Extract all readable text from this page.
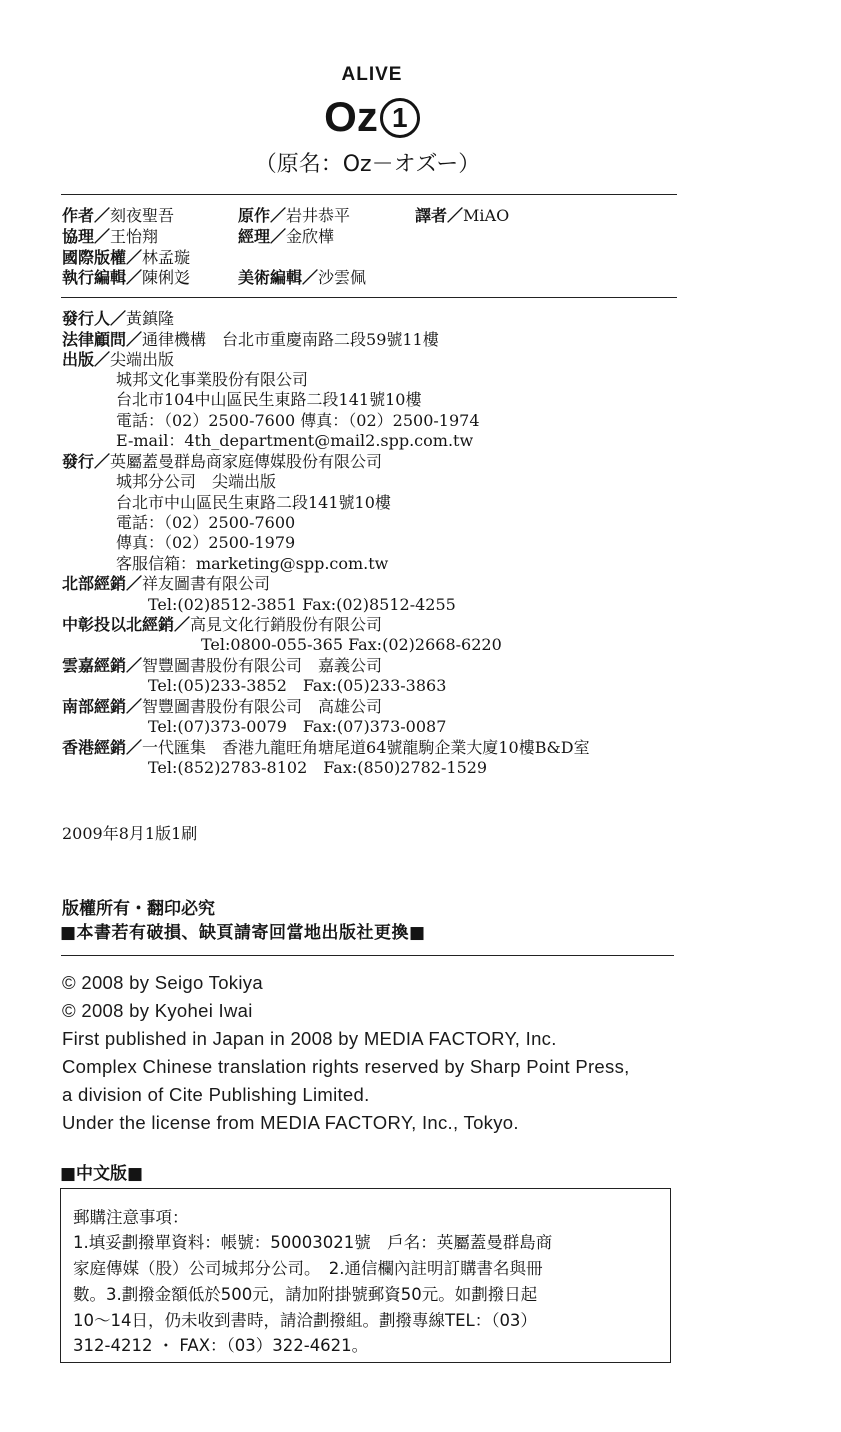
ALIVE
Oz 1
（原名：Oz－オズー）
作者／刻夜聖吾	原作／岩井恭平	譯者／MiAO
協理／王怡翔	經理／金欣樺
國際版權／林孟璇
執行編輯／陳俐彣	美術編輯／沙雲佩
發行人／黃鎮隆
法律顧問／通律機構　台北市重慶南路二段59號11樓
出版／尖端出版
城邦文化事業股份有限公司
台北市104中山區民生東路二段141號10樓
電話：（02）2500-7600 傳真：（02）2500-1974
E-mail：4th_department@mail2.spp.com.tw
發行／英屬蓋曼群島商家庭傳媒股份有限公司
城邦分公司　尖端出版
台北市中山區民生東路二段141號10樓
電話：（02）2500-7600
傳真：（02）2500-1979
客服信箱：marketing@spp.com.tw
北部經銷／祥友圖書有限公司
Tel:(02)8512-3851 Fax:(02)8512-4255
中彰投以北經銷／高見文化行銷股份有限公司
Tel:0800-055-365 Fax:(02)2668-6220
雲嘉經銷／智豐圖書股份有限公司　嘉義公司
Tel:(05)233-3852　Fax:(05)233-3863
南部經銷／智豐圖書股份有限公司　高雄公司
Tel:(07)373-0079　Fax:(07)373-0087
香港經銷／一代匯集　香港九龍旺角塘尾道64號龍駒企業大廈10樓B&D室
Tel:(852)2783-8102　Fax:(850)2782-1529
2009年8月1版1刷
版權所有・翻印必究
■本書若有破損、缺頁請寄回當地出版社更換■
© 2008 by Seigo Tokiya
© 2008 by Kyohei Iwai
First published in Japan in 2008 by MEDIA FACTORY, Inc.
Complex Chinese translation rights reserved by Sharp Point Press,
a division of Cite Publishing Limited.
Under the license from MEDIA FACTORY, Inc., Tokyo.
■中文版■
郵購注意事項：
1.填妥劃撥單資料：帳號：50003021號　戶名：英屬蓋曼群島商
家庭傳媒（股）公司城邦分公司。　2.通信欄內註明訂購書名與冊
數。3.劃撥金額低於500元，請加附掛號郵資50元。如劃撥日起
10～14日，仍未收到書時，請洽劃撥組。劃撥專線TEL：（03）
312-4212 ・ FAX：（03）322-4621。
